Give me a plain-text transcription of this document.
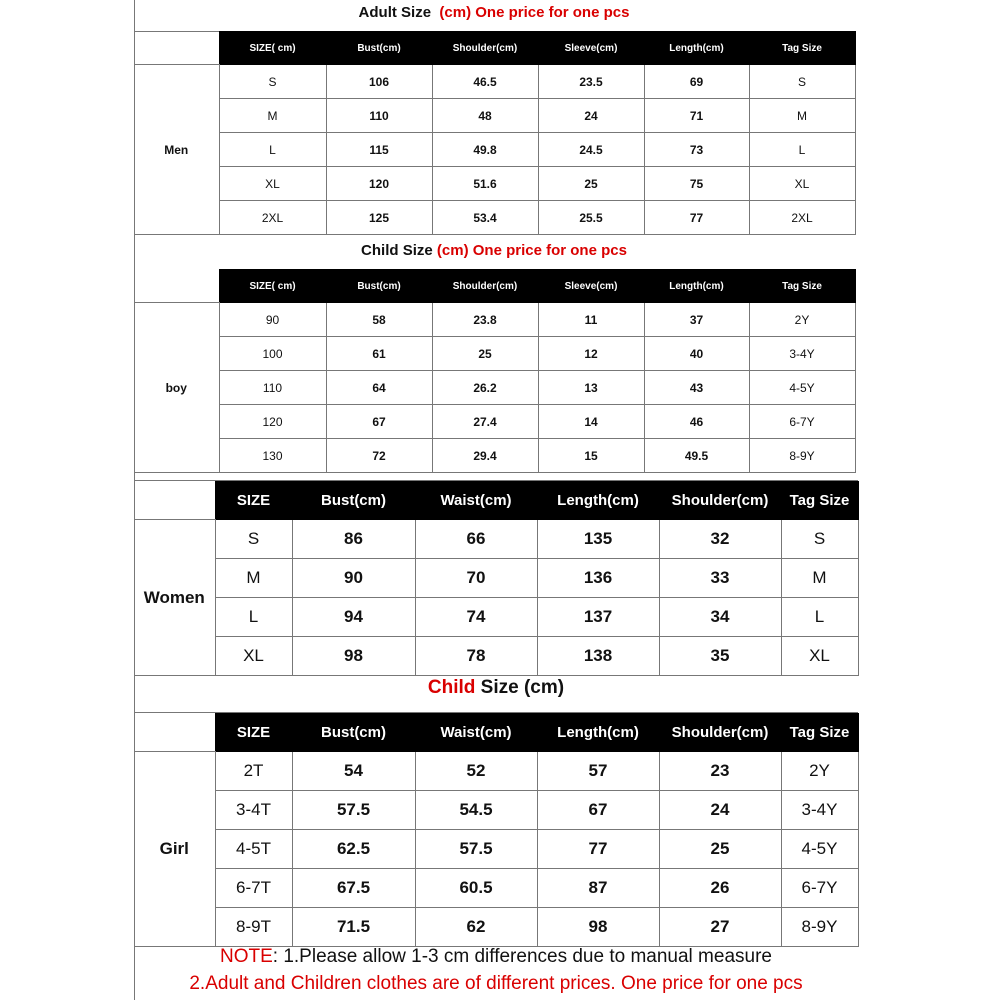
Adult Size (cm) One price for one pcs
	SIZE( cm)	Bust(cm)	Shoulder(cm)	Sleeve(cm)	Length(cm)	Tag Size
Men	S	106	46.5	23.5	69	S
	M	110	48	24	71	M
	L	115	49.8	24.5	73	L
	XL	120	51.6	25	75	XL
	2XL	125	53.4	25.5	77	2XL
Child Size (cm) One price for one pcs
	SIZE( cm)	Bust(cm)	Shoulder(cm)	Sleeve(cm)	Length(cm)	Tag Size
boy	90	58	23.8	11	37	2Y
	100	61	25	12	40	3-4Y
	110	64	26.2	13	43	4-5Y
	120	67	27.4	14	46	6-7Y
	130	72	29.4	15	49.5	8-9Y
	SIZE	Bust(cm)	Waist(cm)	Length(cm)	Shoulder(cm)	Tag Size
Women	S	86	66	135	32	S
	M	90	70	136	33	M
	L	94	74	137	34	L
	XL	98	78	138	35	XL
Child Size (cm)
	SIZE	Bust(cm)	Waist(cm)	Length(cm)	Shoulder(cm)	Tag Size
Girl	2T	54	52	57	23	2Y
	3-4T	57.5	54.5	67	24	3-4Y
	4-5T	62.5	57.5	77	25	4-5Y
	6-7T	67.5	60.5	87	26	6-7Y
	8-9T	71.5	62	98	27	8-9Y
NOTE: 1.Please allow 1-3 cm differences due to manual measure
2.Adult and Children clothes are of different prices. One price for one pcs
